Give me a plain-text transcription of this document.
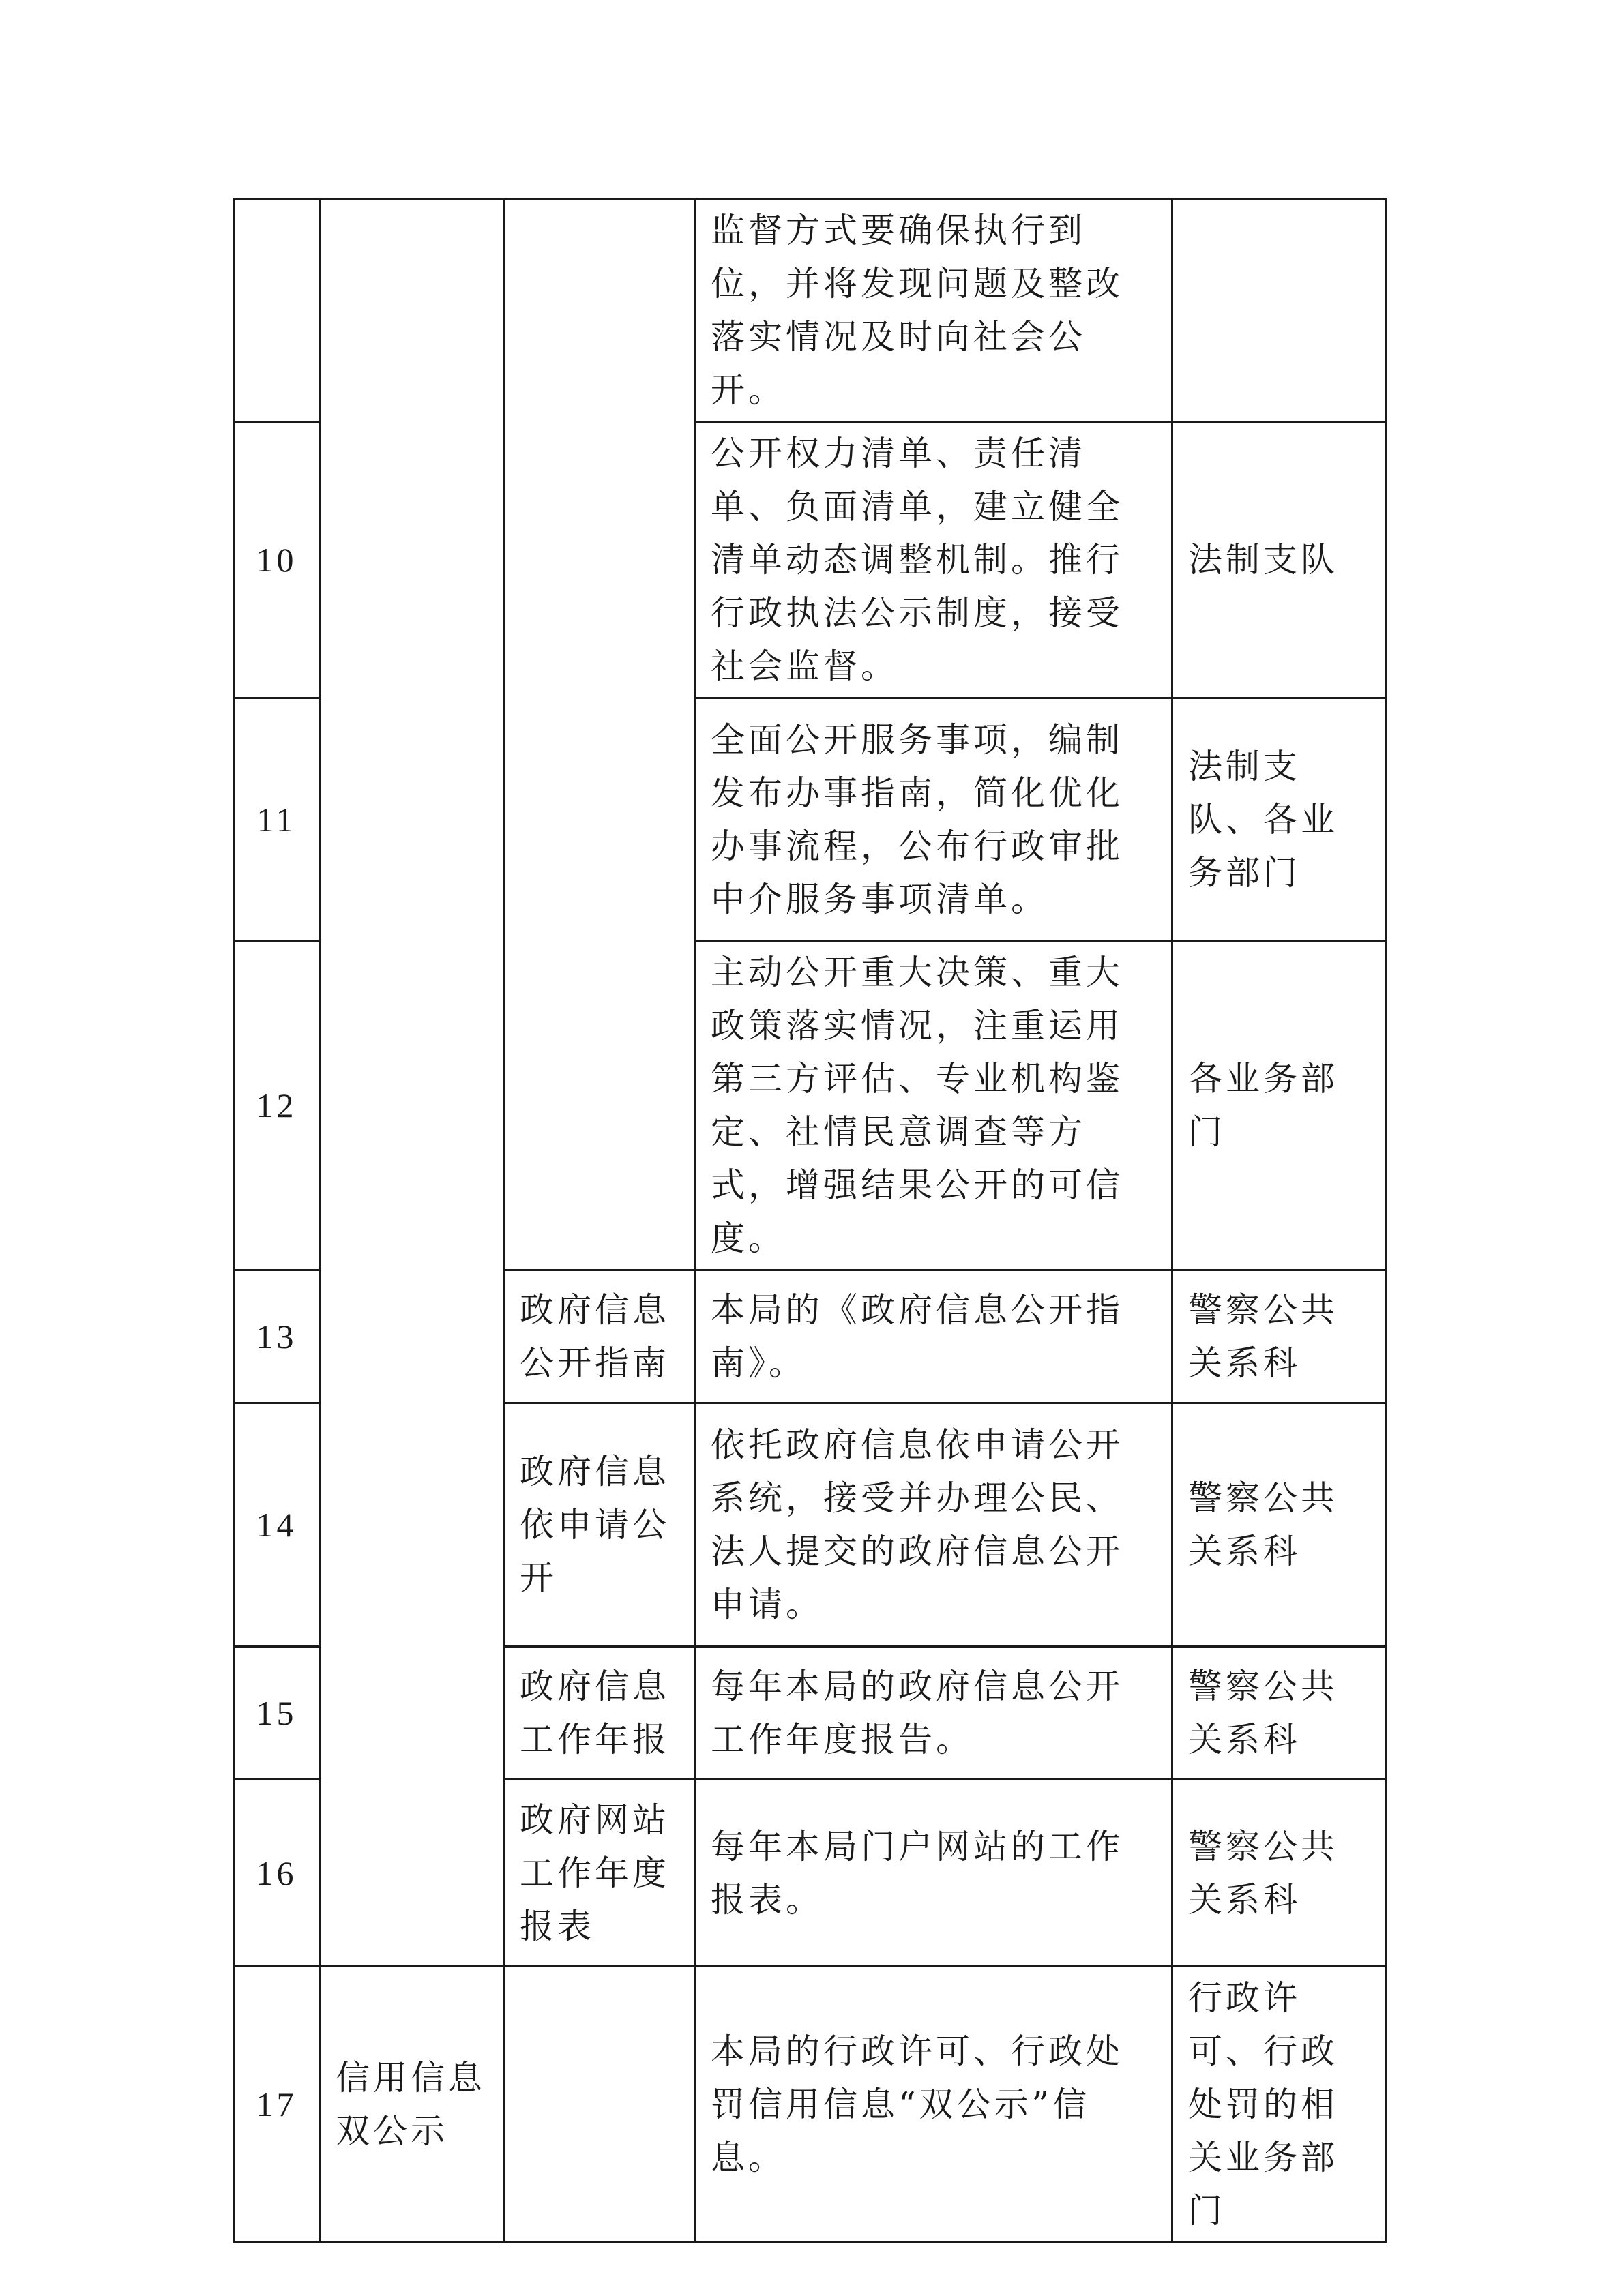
			监督方式要确保执行到位，并将发现问题及整改落实情况及时向社会公开。	
10			公开权力清单、责任清单、负面清单，建立健全清单动态调整机制。推行行政执法公示制度，接受社会监督。	法制支队
11			全面公开服务事项，编制发布办事指南，简化优化办事流程，公布行政审批中介服务事项清单。	法制支队、各业务部门
12			主动公开重大决策、重大政策落实情况，注重运用第三方评估、专业机构鉴定、社情民意调查等方式，增强结果公开的可信度。	各业务部门
13		政府信息公开指南	本局的《政府信息公开指南》。	警察公共关系科
14		政府信息依申请公开	依托政府信息依申请公开系统，接受并办理公民、法人提交的政府信息公开申请。	警察公共关系科
15		政府信息工作年报	每年本局的政府信息公开工作年度报告。	警察公共关系科
16		政府网站工作年度报表	每年本局门户网站的工作报表。	警察公共关系科
17	信用信息双公示		本局的行政许可、行政处罚信用信息“双公示”信息。	行政许可、行政处罚的相关业务部门
